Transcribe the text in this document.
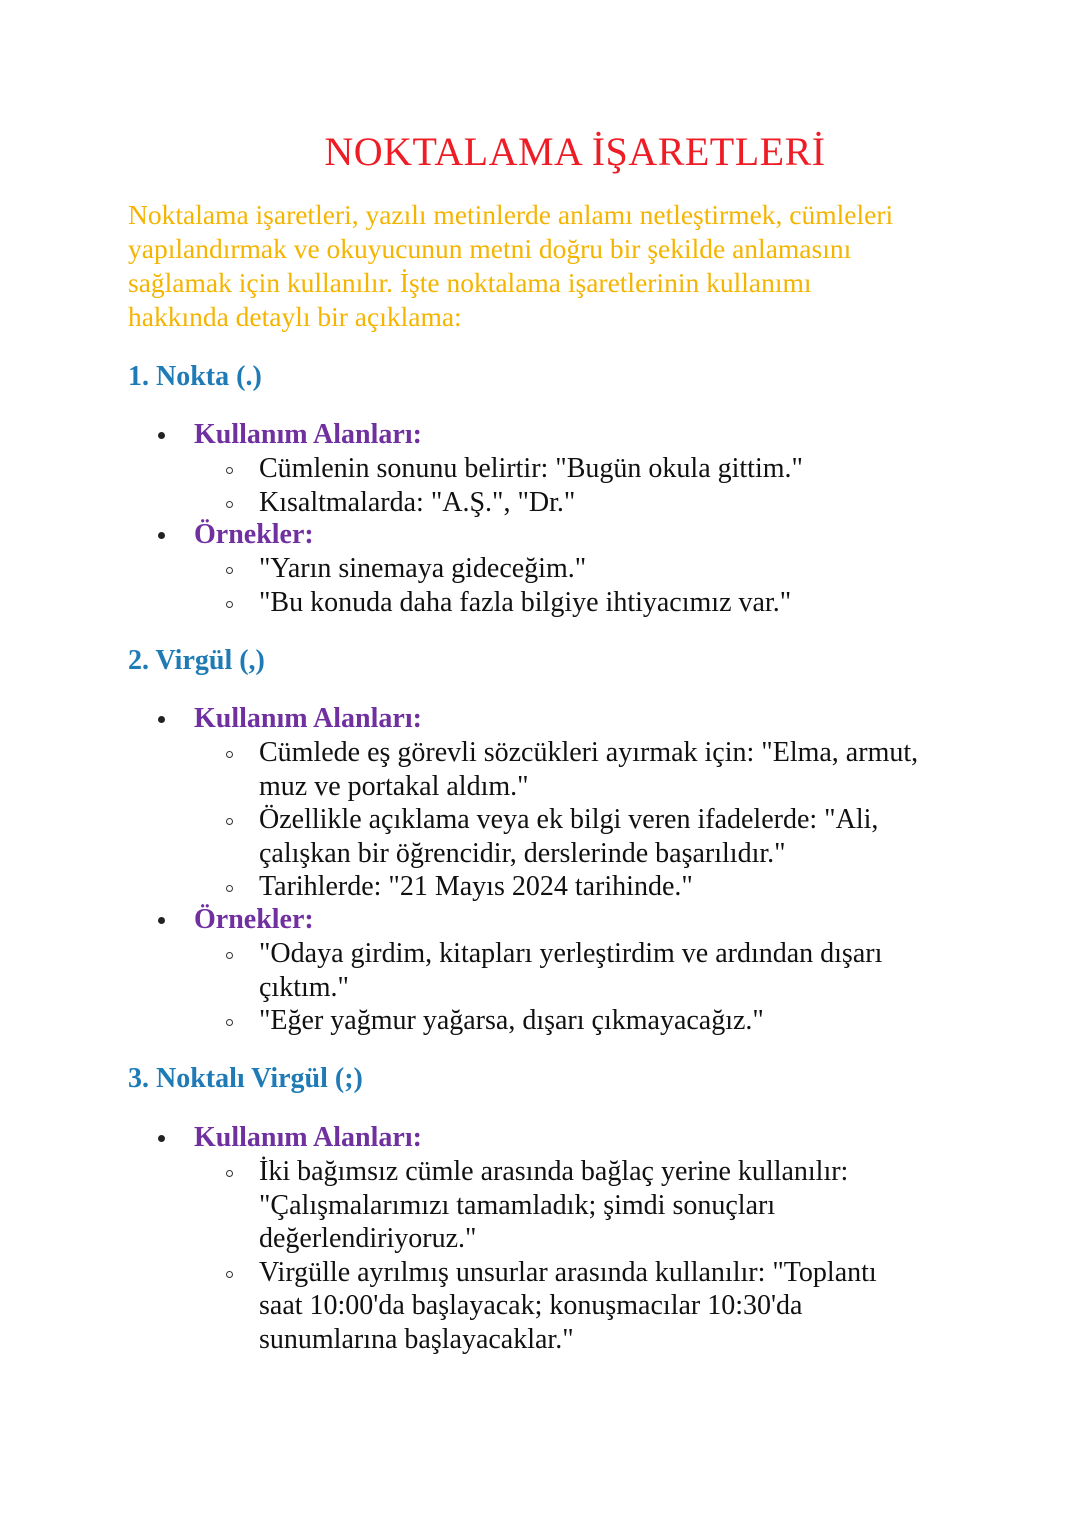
NOKTALAMA İŞARETLERİ
Noktalama işaretleri, yazılı metinlerde anlamı netleştirmek, cümleleri
yapılandırmak ve okuyucunun metni doğru bir şekilde anlamasını
sağlamak için kullanılır. İşte noktalama işaretlerinin kullanımı
hakkında detaylı bir açıklama:
1. Nokta (.)
Kullanım Alanları:
Cümlenin sonunu belirtir: "Bugün okula gittim."
Kısaltmalarda: "A.Ş.", "Dr."
Örnekler:
"Yarın sinemaya gideceğim."
"Bu konuda daha fazla bilgiye ihtiyacımız var."
2. Virgül (,)
Kullanım Alanları:
Cümlede eş görevli sözcükleri ayırmak için: "Elma, armut,
muz ve portakal aldım."
Özellikle açıklama veya ek bilgi veren ifadelerde: "Ali,
çalışkan bir öğrencidir, derslerinde başarılıdır."
Tarihlerde: "21 Mayıs 2024 tarihinde."
Örnekler:
"Odaya girdim, kitapları yerleştirdim ve ardından dışarı
çıktım."
"Eğer yağmur yağarsa, dışarı çıkmayacağız."
3. Noktalı Virgül (;)
Kullanım Alanları:
İki bağımsız cümle arasında bağlaç yerine kullanılır:
"Çalışmalarımızı tamamladık; şimdi sonuçları
değerlendiriyoruz."
Virgülle ayrılmış unsurlar arasında kullanılır: "Toplantı
saat 10:00'da başlayacak; konuşmacılar 10:30'da
sunumlarına başlayacaklar."
